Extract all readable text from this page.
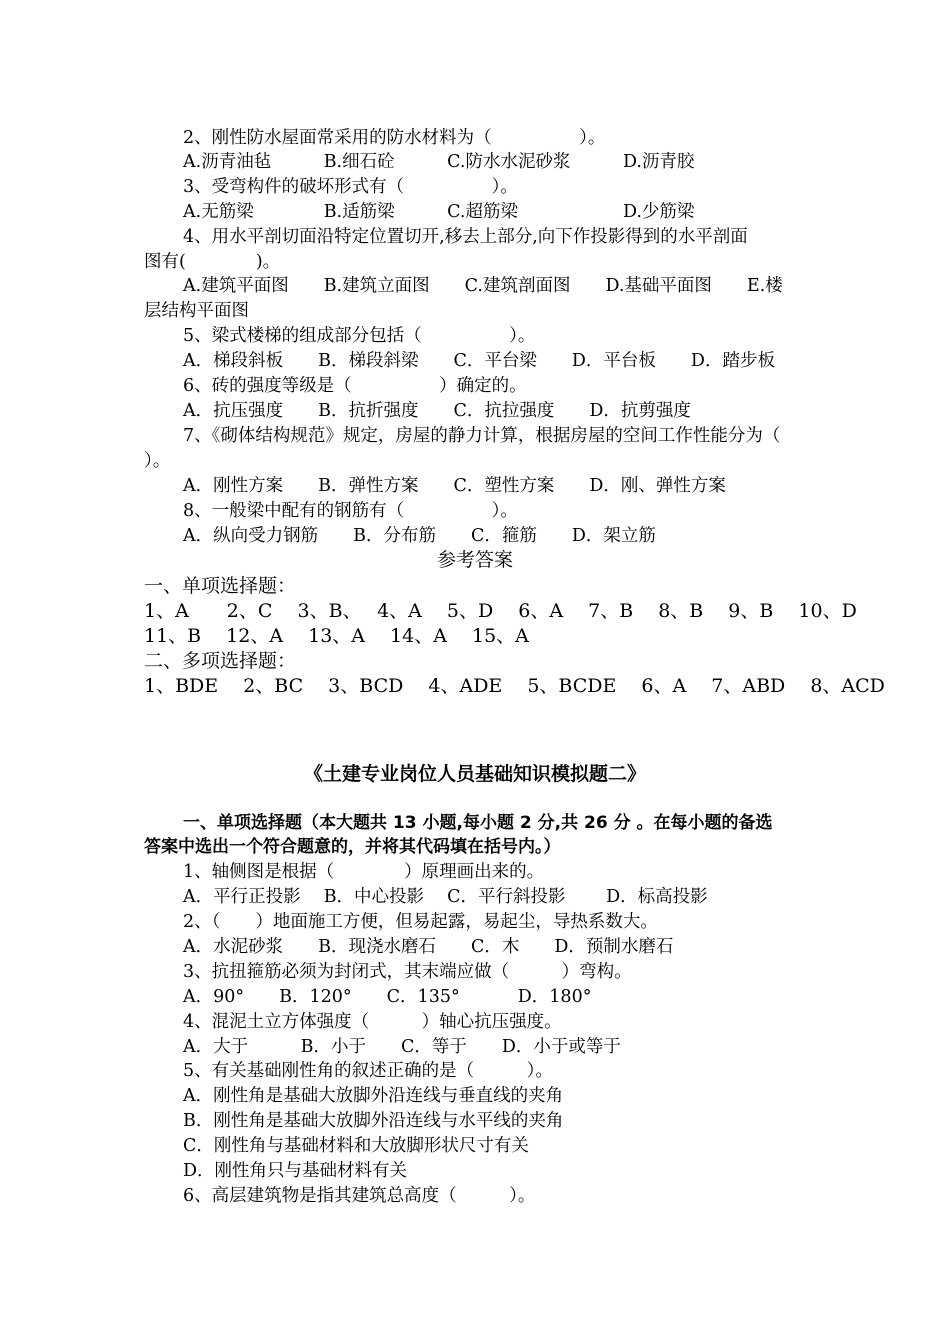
2、刚性防水屋面常采用的防水材料为（　　　　　）。
A.沥青油毡　　　B.细石砼　　　C.防水水泥砂浆　　　D.沥青胶
3、受弯构件的破坏形式有（　　　　　）。
A.无筋梁　　　　B.适筋梁　　　C.超筋梁　　　　　　D.少筋梁
4、用水平剖切面沿特定位置切开,移去上部分,向下作投影得到的水平剖面
图有(　　　　)。
A.建筑平面图　　B.建筑立面图　　C.建筑剖面图　　D.基础平面图　　E.楼
层结构平面图
5、梁式楼梯的组成部分包括（　　　　　）。
A．梯段斜板　　B．梯段斜梁　　C．平台梁　　D．平台板　　D．踏步板
6、砖的强度等级是（　　　　　）确定的。
A．抗压强度　　B．抗折强度　　C．抗拉强度　　D．抗剪强度
7、《砌体结构规范》规定，房屋的静力计算，根据房屋的空间工作性能分为（
）。
A．刚性方案　　B．弹性方案　　C．塑性方案　　D．刚、弹性方案
8、一般梁中配有的钢筋有（　　　　　）。
A．纵向受力钢筋　　B．分布筋　　C．箍筋　　D．架立筋
参考答案
一、单项选择题：
1、A　　2、C　 3、B、　 4、A　 5、D　 6、A　 7、B　 8、B　 9、B　 10、D
11、B　 12、A　 13、A　 14、A　 15、A
二、多项选择题：
1、BDE　 2、BC　 3、BCD　 4、ADE　 5、BCDE　 6、A　 7、ABD　 8、ACD
《土建专业岗位人员基础知识模拟题二》
一、单项选择题（本大题共 13 小题,每小题 2 分,共 26 分 。在每小题的备选
答案中选出一个符合题意的，并将其代码填在括号内。）
1、轴侧图是根据（　　　　）原理画出来的。
A．平行正投影　 B．中心投影　 C．平行斜投影　　 D．标高投影
2、（　　）地面施工方便，但易起露，易起尘，导热系数大。
A．水泥砂浆　　B．现浇水磨石　　C．木　　D．预制水磨石
3、抗扭箍筋必须为封闭式，其末端应做（　　　）弯构。
A．90°　　B．120°　　C．135°　　　 D．180°
4、混泥土立方体强度（　　　）轴心抗压强度。
A．大于　　　B．小于　　C．等于　　D．小于或等于
5、有关基础刚性角的叙述正确的是（　　　）。
A．刚性角是基础大放脚外沿连线与垂直线的夹角
B．刚性角是基础大放脚外沿连线与水平线的夹角
C．刚性角与基础材料和大放脚形状尺寸有关
D．刚性角只与基础材料有关
6、高层建筑物是指其建筑总高度（　　　）。
